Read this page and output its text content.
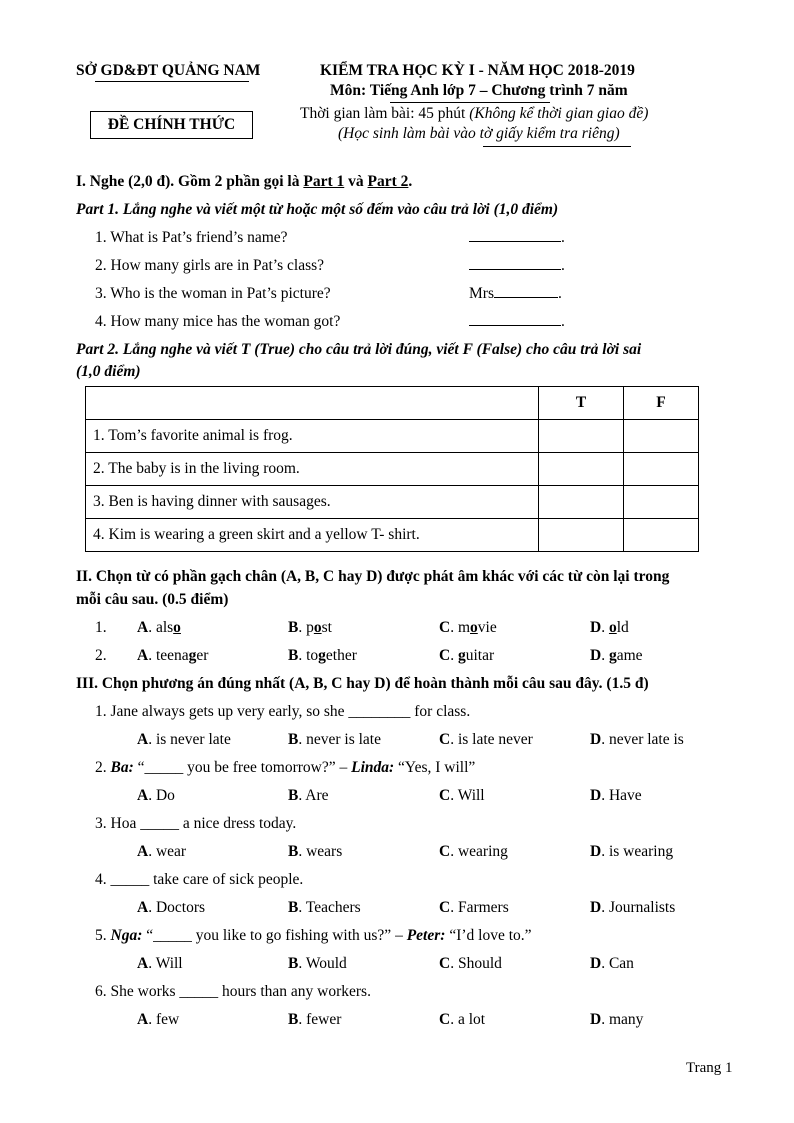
SỞ GD&ĐT QUẢNG NAM
ĐỀ CHÍNH THỨC
KIỂM TRA HỌC KỲ I - NĂM HỌC 2018-2019
Môn: Tiếng Anh lớp 7 – Chương trình 7 năm
Thời gian làm bài: 45 phút (Không kể thời gian giao đề)
(Học sinh làm bài vào tờ giấy kiểm tra riêng)
I. Nghe (2,0 đ). Gồm 2 phần gọi là Part 1 và Part 2.
Part 1. Lắng nghe và viết một từ hoặc một số đếm vào câu trả lời (1,0 điểm)
1. What is Pat’s friend’s name?	.
2. How many girls are in Pat’s class?	.
3. Who is the woman in Pat’s picture?	Mrs	.
4. How many mice has the woman got?	.
Part 2. Lắng nghe và viết T (True) cho câu trả lời đúng, viết F (False) cho câu trả lời sai
(1,0 điểm)
	T	F
1. Tom’s favorite animal is frog.		
2. The baby is in the living room.		
3. Ben is having dinner with sausages.		
4. Kim is wearing a green skirt and a yellow T- shirt.		
II. Chọn từ có phần gạch chân (A, B, C hay D) được phát âm khác với các từ còn lại trong
mỗi câu sau. (0.5 điểm)
1. A. also	B. post	C. movie	D. old
2. A. teenager	B. together	C. guitar	D. game
III. Chọn phương án đúng nhất (A, B, C hay D) để hoàn thành mỗi câu sau đây. (1.5 đ)
1. Jane always gets up very early, so she ________ for class.
2. Ba: “_____ you be free tomorrow?” – Linda: “Yes, I will”
3. Hoa _____ a nice dress today.
4. _____ take care of sick people.
5. Nga: “_____ you like to go fishing with us?” – Peter: “I’d love to.”
6. She works _____ hours than any workers.
A. is never late	B. never is late	C. is late never	D. never late is
A. Do	B. Are	C. Will	D. Have
A. wear	B. wears	C. wearing	D. is wearing
A. Doctors	B. Teachers	C. Farmers	D. Journalists
A. Will	B. Would	C. Should	D. Can
A. few	B. fewer	C. a lot	D. many
Trang 1
